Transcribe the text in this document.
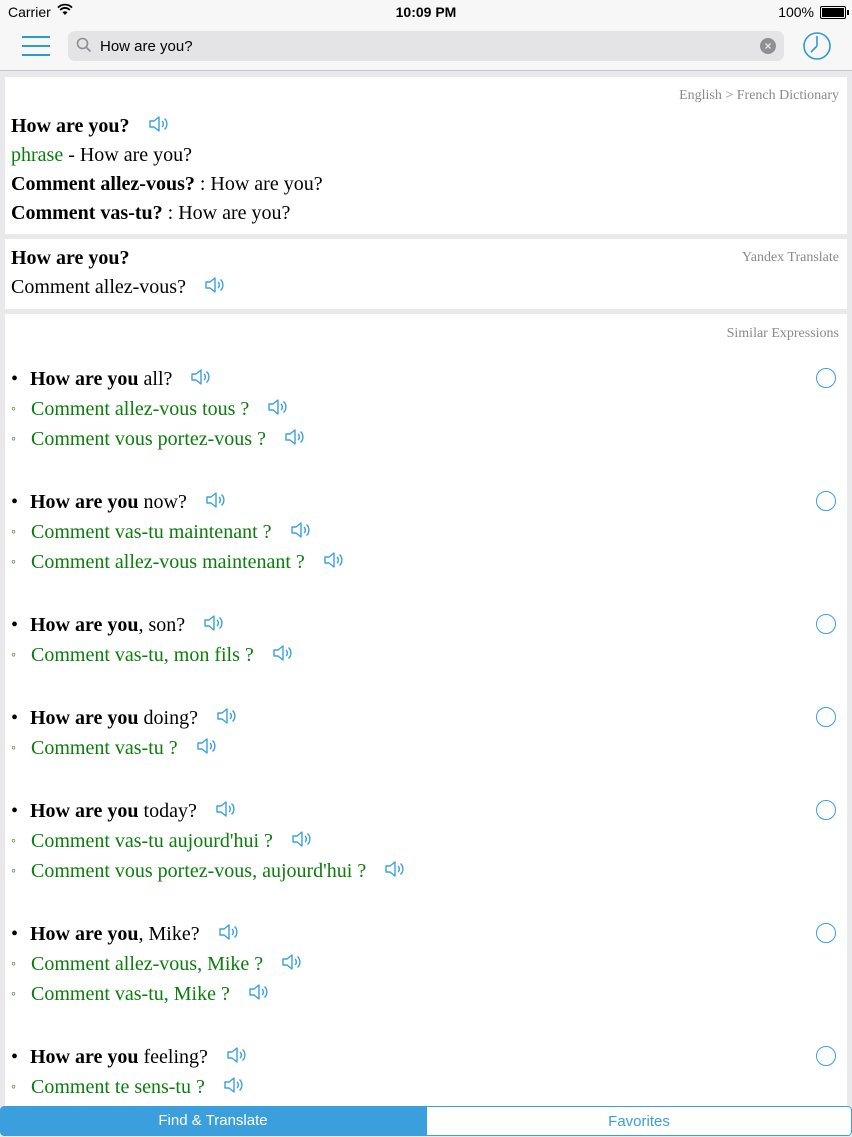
Carrier	10:09 PM	100%
How are you?
×
English > French Dictionary
How are you?
phrase - How are you?
Comment allez-vous? : How are you?
Comment vas-tu? : How are you?
Yandex Translate
How are you?
Comment allez-vous?
Similar Expressions
• How are you all?
◦ Comment allez-vous tous ?
◦ Comment vous portez-vous ?
• How are you now?
◦ Comment vas-tu maintenant ?
◦ Comment allez-vous maintenant ?
• How are you, son?
◦ Comment vas-tu, mon fils ?
• How are you doing?
◦ Comment vas-tu ?
• How are you today?
◦ Comment vas-tu aujourd'hui ?
◦ Comment vous portez-vous, aujourd'hui ?
• How are you, Mike?
◦ Comment allez-vous, Mike ?
◦ Comment vas-tu, Mike ?
• How are you feeling?
◦ Comment te sens-tu ?
Find & Translate	Favorites
